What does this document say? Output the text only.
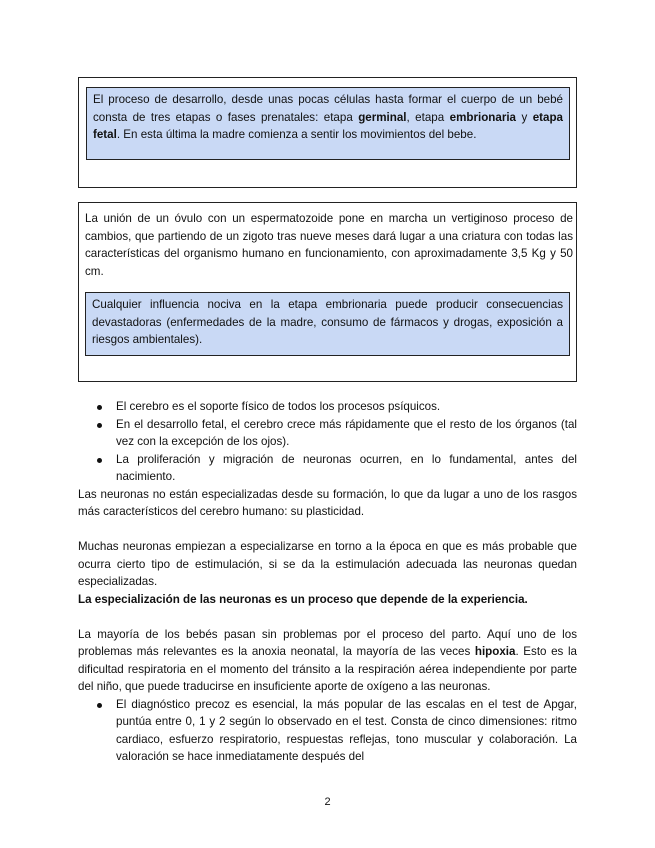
El proceso de desarrollo, desde unas pocas células hasta formar el cuerpo de un bebé consta de tres etapas o fases prenatales: etapa germinal, etapa embrionaria y etapa fetal. En esta última la madre comienza a sentir los movimientos del bebe.
La unión de un óvulo con un espermatozoide pone en marcha un vertiginoso proceso de cambios, que partiendo de un zigoto tras nueve meses dará lugar a una criatura con todas las características del organismo humano en funcionamiento, con aproximadamente 3,5 Kg y 50 cm.
Cualquier influencia nociva en la etapa embrionaria puede producir consecuencias devastadoras (enfermedades de la madre, consumo de fármacos y drogas, exposición a riesgos ambientales).
El cerebro es el soporte físico de todos los procesos psíquicos.
En el desarrollo fetal, el cerebro crece más rápidamente que el resto de los órganos (tal vez con la excepción de los ojos).
La proliferación y migración de neuronas ocurren, en lo fundamental, antes del nacimiento.

Las neuronas no están especializadas desde su formación, lo que da lugar a uno de los rasgos más característicos del cerebro humano: su plasticidad.

Muchas neuronas empiezan a especializarse en torno a la época en que es más probable que ocurra cierto tipo de estimulación, si se da la estimulación adecuada las neuronas quedan especializadas.

La especialización de las neuronas es un proceso que depende de la experiencia.

La mayoría de los bebés pasan sin problemas por el proceso del parto. Aquí uno de los problemas más relevantes es la anoxia neonatal, la mayoría de las veces hipoxia. Esto es la dificultad respiratoria en el momento del tránsito a la respiración aérea independiente por parte del niño, que puede traducirse en insuficiente aporte de oxígeno a las neuronas.

El diagnóstico precoz es esencial, la más popular de las escalas en el test de Apgar, puntúa entre 0, 1 y 2 según lo observado en el test. Consta de cinco dimensiones: ritmo cardiaco, esfuerzo respiratorio, respuestas reflejas, tono muscular y colaboración. La valoración se hace inmediatamente después del
2
